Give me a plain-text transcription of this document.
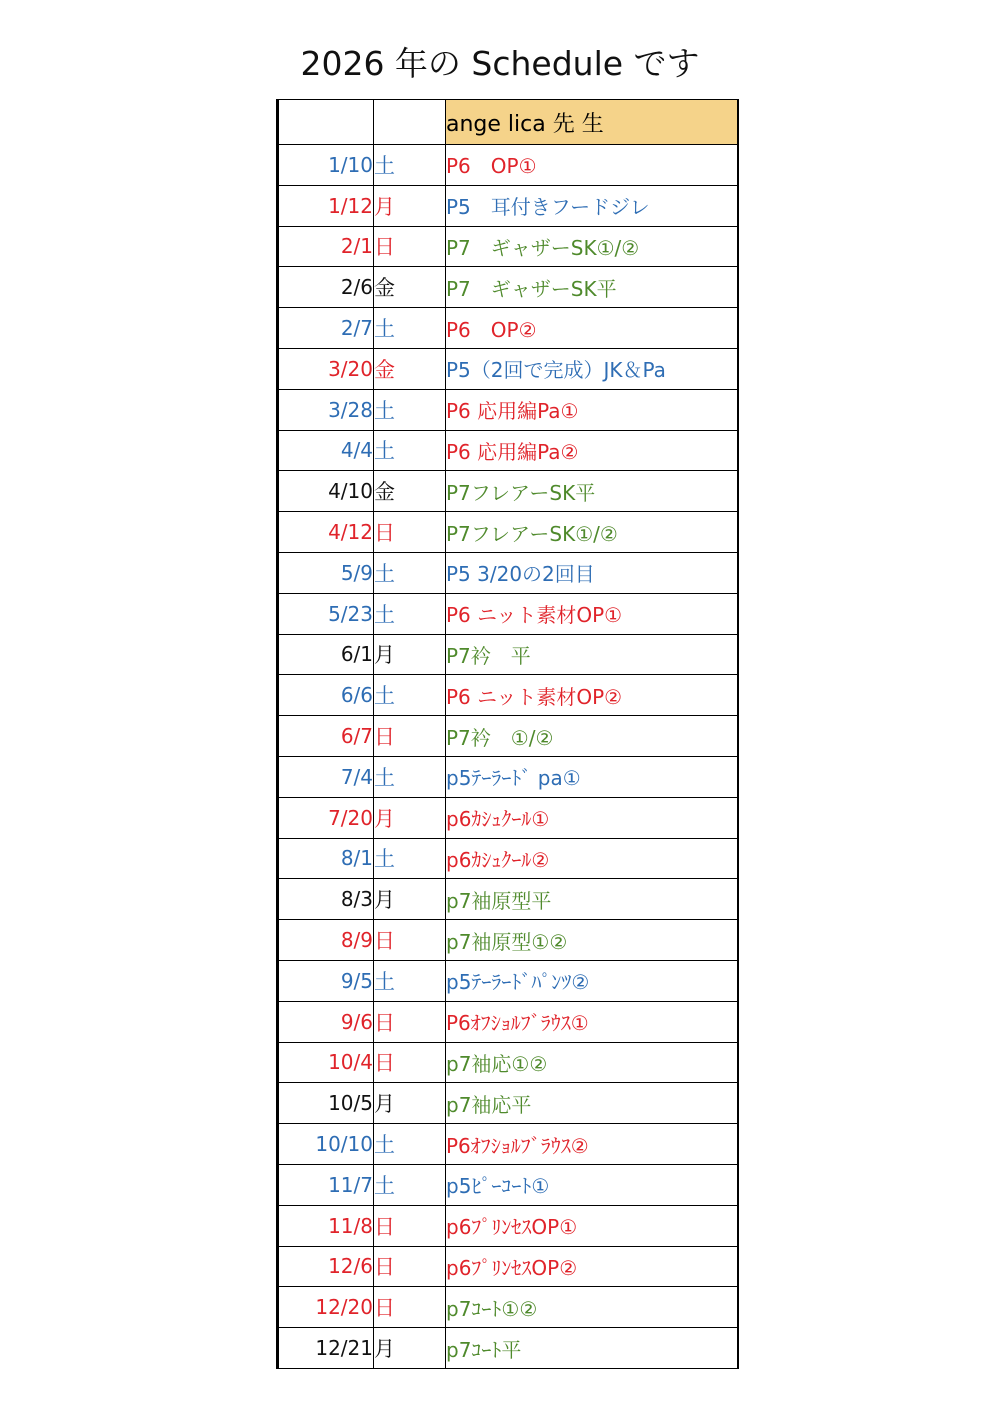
2026 年の Schedule です
		ange lica 先 生
1/10	土	P6　OP①
1/12	月	P5　耳付きフードジレ
2/1	日	P7　ギャザーSK①/②
2/6	金	P7　ギャザーSK平
2/7	土	P6　OP②
3/20	金	P5（2回で完成）JK＆Pa
3/28	土	P6 応用編Pa①
4/4	土	P6 応用編Pa②
4/10	金	P7フレアーSK平
4/12	日	P7フレアーSK①/②
5/9	土	P5 3/20の2回目
5/23	土	P6 ニット素材OP①
6/1	月	P7衿　平
6/6	土	P6 ニット素材OP②
6/7	日	P7衿　①/②
7/4	土	p5ﾃｰﾗｰﾄﾞ pa①
7/20	月	p6ｶｼｭｸｰﾙ①
8/1	土	p6ｶｼｭｸｰﾙ②
8/3	月	p7袖原型平
8/9	日	p7袖原型①②
9/5	土	p5ﾃｰﾗｰﾄﾞﾊﾟﾝﾂ②
9/6	日	P6ｵﾌｼｮﾙﾌﾞﾗｳｽ①
10/4	日	p7袖応①②
10/5	月	p7袖応平
10/10	土	P6ｵﾌｼｮﾙﾌﾞﾗｳｽ②
11/7	土	p5ﾋﾟｰｺｰﾄ①
11/8	日	p6ﾌﾟﾘﾝｾｽOP①
12/6	日	p6ﾌﾟﾘﾝｾｽOP②
12/20	日	p7ｺｰﾄ①②
12/21	月	p7ｺｰﾄ平
